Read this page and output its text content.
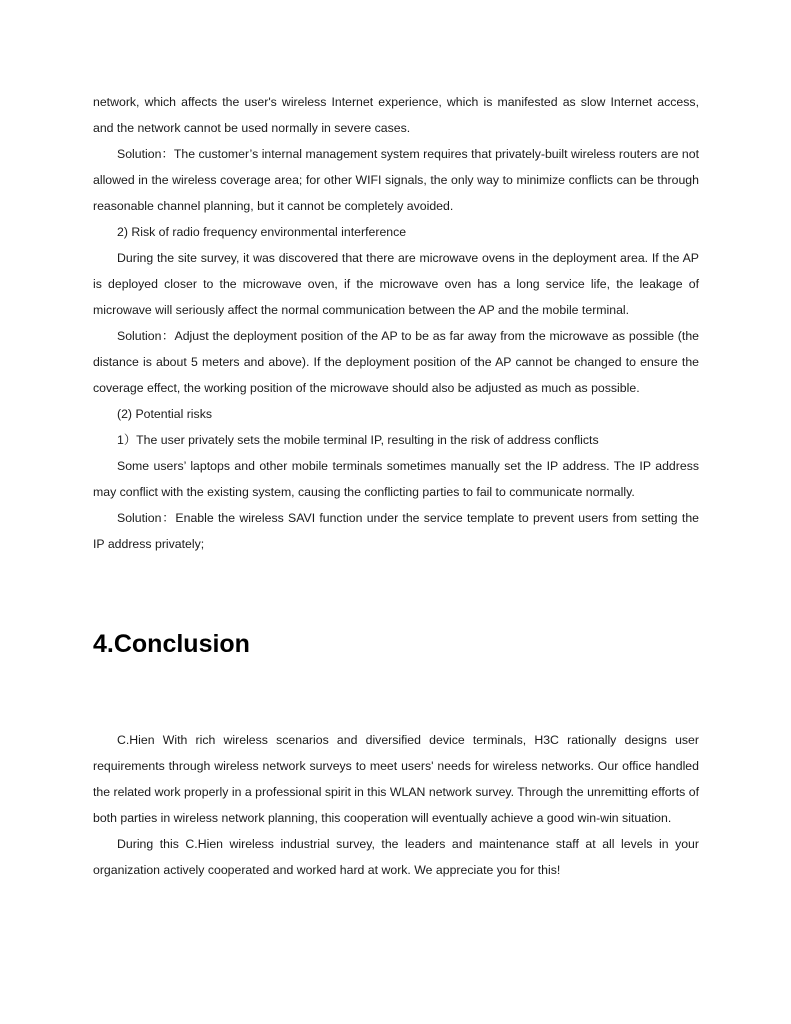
network, which affects the user's wireless Internet experience, which is manifested as slow Internet access, and the network cannot be used normally in severe cases.

Solution：The customer’s internal management system requires that privately-built wireless routers are not allowed in the wireless coverage area; for other WIFI signals, the only way to minimize conflicts can be through reasonable channel planning, but it cannot be completely avoided.

2) Risk of radio frequency environmental interference

During the site survey, it was discovered that there are microwave ovens in the deployment area. If the AP is deployed closer to the microwave oven, if the microwave oven has a long service life, the leakage of microwave will seriously affect the normal communication between the AP and the mobile terminal.

Solution：Adjust the deployment position of the AP to be as far away from the microwave as possible (the distance is about 5 meters and above). If the deployment position of the AP cannot be changed to ensure the coverage effect, the working position of the microwave should also be adjusted as much as possible.

(2) Potential risks

1）The user privately sets the mobile terminal IP, resulting in the risk of address conflicts

Some users’ laptops and other mobile terminals sometimes manually set the IP address. The IP address may conflict with the existing system, causing the conflicting parties to fail to communicate normally.

Solution：Enable the wireless SAVI function under the service template to prevent users from setting the IP address privately;

4.Conclusion

C.Hien With rich wireless scenarios and diversified device terminals, H3C rationally designs user requirements through wireless network surveys to meet users' needs for wireless networks. Our office handled the related work properly in a professional spirit in this WLAN network survey. Through the unremitting efforts of both parties in wireless network planning, this cooperation will eventually achieve a good win-win situation.

During this C.Hien wireless industrial survey, the leaders and maintenance staff at all levels in your organization actively cooperated and worked hard at work. We appreciate you for this!
